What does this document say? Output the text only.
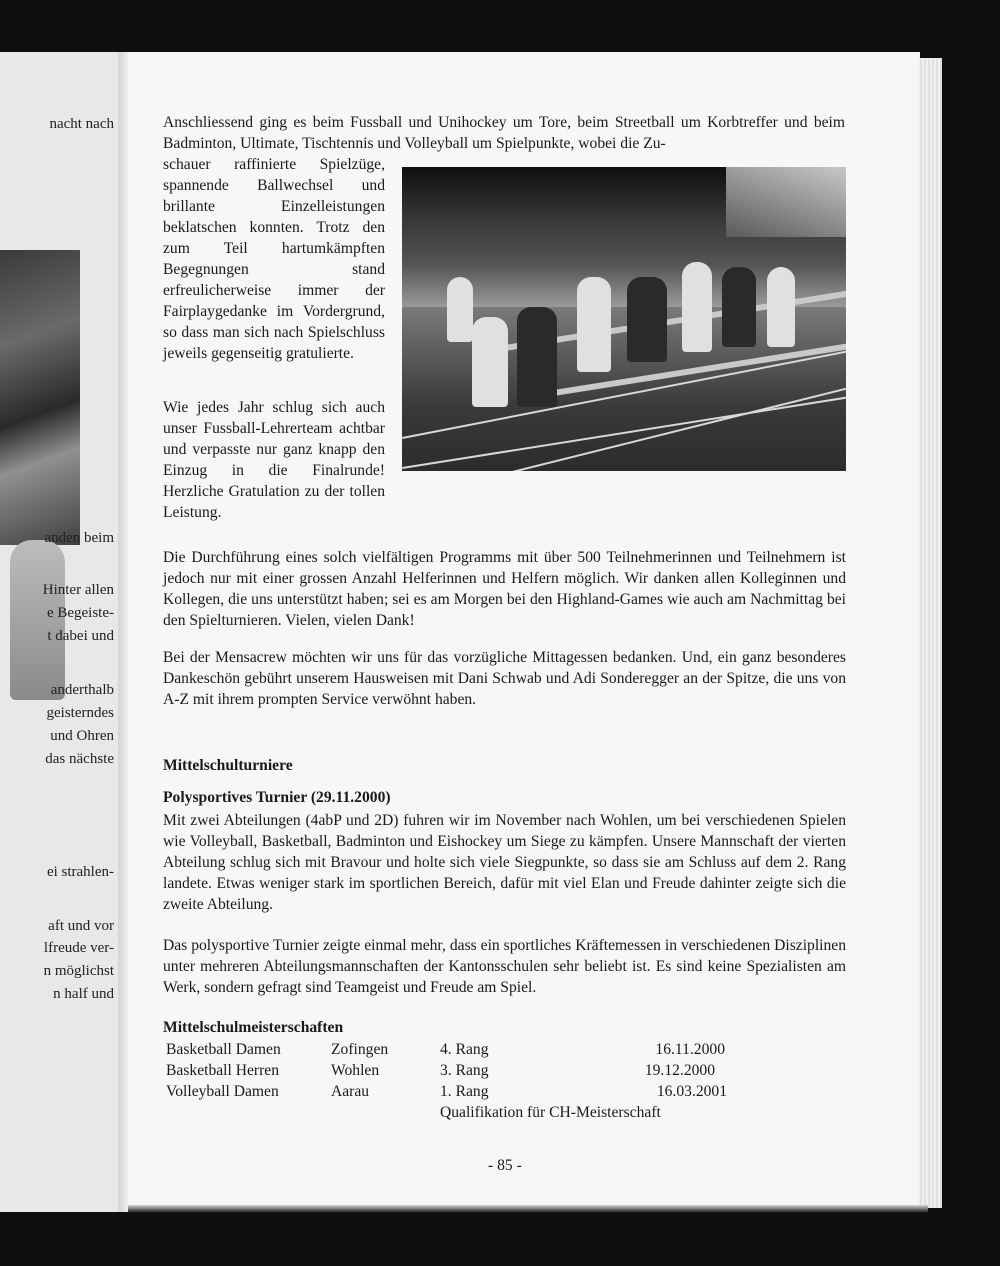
nacht nach
anden beim
Hinter allen
e Begeiste-
t dabei und
anderthalb
geisterndes
und Ohren
das nächste
ei strahlen-
aft und vor
lfreude ver-
n möglichst
n half und
Anschliessend ging es beim Fussball und Unihockey um Tore, beim Streetball um Korbtreffer und beim Badminton, Ultimate, Tischtennis und Volleyball um Spielpunkte, wobei die Zu-
schauer raffinierte Spielzüge, spannende Ballwechsel und brillante Einzelleistungen beklatschen konnten. Trotz den zum Teil hartumkämpften Begegnungen stand erfreulicherweise immer der Fairplaygedanke im Vordergrund, so dass man sich nach Spielschluss jeweils gegenseitig gratulierte.
Wie jedes Jahr schlug sich auch unser Fussball-Lehrerteam achtbar und verpasste nur ganz knapp den Einzug in die Finalrunde! Herzliche Gratulation zu der tollen Leistung.
Die Durchführung eines solch vielfältigen Programms mit über 500 Teilnehmerinnen und Teilnehmern ist jedoch nur mit einer grossen Anzahl Helferinnen und Helfern möglich. Wir danken allen Kolleginnen und Kollegen, die uns unterstützt haben; sei es am Morgen bei den Highland-Games wie auch am Nachmittag bei den Spielturnieren. Vielen, vielen Dank!
Bei der Mensacrew möchten wir uns für das vorzügliche Mittagessen bedanken. Und, ein ganz besonderes Dankeschön gebührt unserem Hausweisen mit Dani Schwab und Adi Sonderegger an der Spitze, die uns von A-Z mit ihrem prompten Service verwöhnt haben.
Mittelschulturniere
Polysportives Turnier (29.11.2000)
Mit zwei Abteilungen (4abP und 2D) fuhren wir im November nach Wohlen, um bei verschiedenen Spielen wie Volleyball, Basketball, Badminton und Eishockey um Siege zu kämpfen. Unsere Mannschaft der vierten Abteilung schlug sich mit Bravour und holte sich viele Siegpunkte, so dass sie am Schluss auf dem 2. Rang landete. Etwas weniger stark im sportlichen Bereich, dafür mit viel Elan und Freude dahinter zeigte sich die zweite Abteilung.
Das polysportive Turnier zeigte einmal mehr, dass ein sportliches Kräftemessen in verschiedenen Disziplinen unter mehreren Abteilungsmannschaften der Kantonsschulen sehr beliebt ist. Es sind keine Spezialisten am Werk, sondern gefragt sind Teamgeist und Freude am Spiel.
Mittelschulmeisterschaften
Basketball Damen	Zofingen	4. Rang	16.11.2000
Basketball Herren	Wohlen	3. Rang	19.12.2000
Volleyball Damen	Aarau	1. Rang	16.03.2001
Qualifikation für CH-Meisterschaft
- 85 -
